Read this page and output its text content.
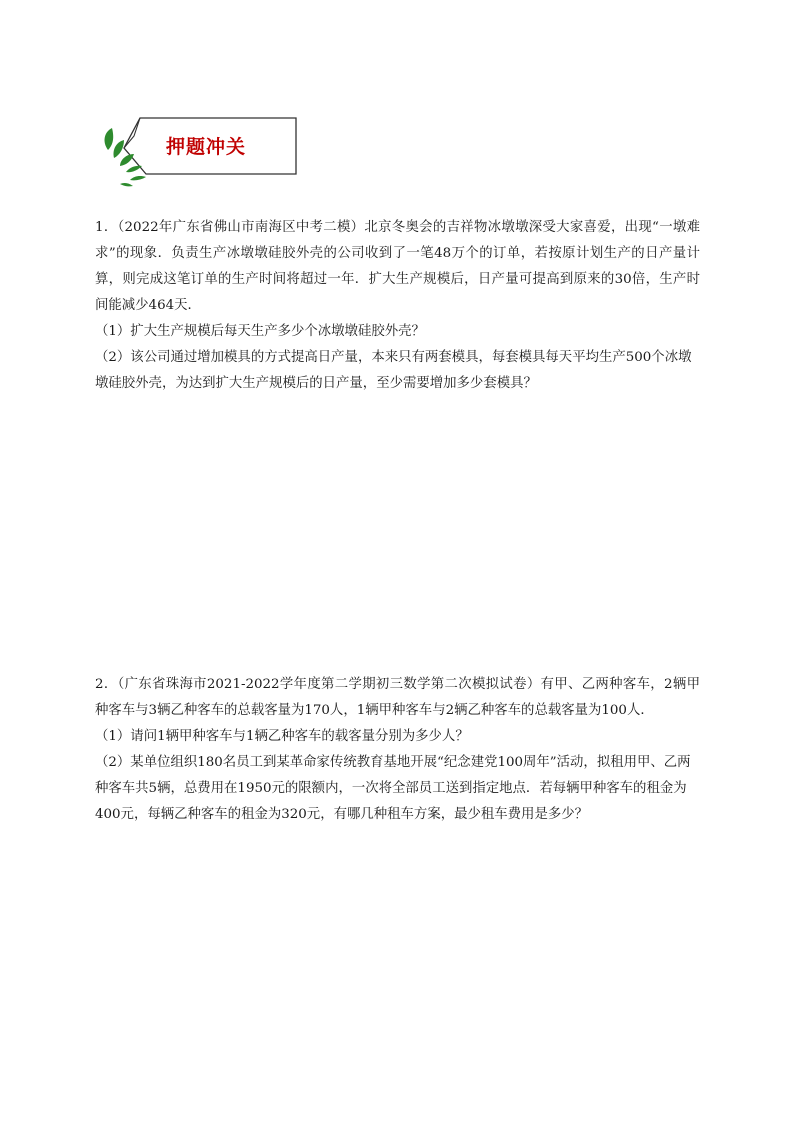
押题冲关

1．（2022年广东省佛山市南海区中考二模）北京冬奥会的吉祥物冰墩墩深受大家喜爱，出现“一墩难求”的现象．负责生产冰墩墩硅胶外壳的公司收到了一笔48万个的订单，若按原计划生产的日产量计算，则完成这笔订单的生产时间将超过一年．扩大生产规模后，日产量可提高到原来的30倍，生产时间能减少464天．

（1）扩大生产规模后每天生产多少个冰墩墩硅胶外壳？

（2）该公司通过增加模具的方式提高日产量，本来只有两套模具，每套模具每天平均生产500个冰墩墩硅胶外壳，为达到扩大生产规模后的日产量，至少需要增加多少套模具？

2．（广东省珠海市2021-2022学年度第二学期初三数学第二次模拟试卷）有甲、乙两种客车，2辆甲种客车与3辆乙种客车的总载客量为170人，1辆甲种客车与2辆乙种客车的总载客量为100人．

（1）请问1辆甲种客车与1辆乙种客车的载客量分别为多少人？

（2）某单位组织180名员工到某革命家传统教育基地开展“纪念建党100周年”活动，拟租用甲、乙两种客车共5辆，总费用在1950元的限额内，一次将全部员工送到指定地点．若每辆甲种客车的租金为400元，每辆乙种客车的租金为320元，有哪几种租车方案，最少租车费用是多少？
